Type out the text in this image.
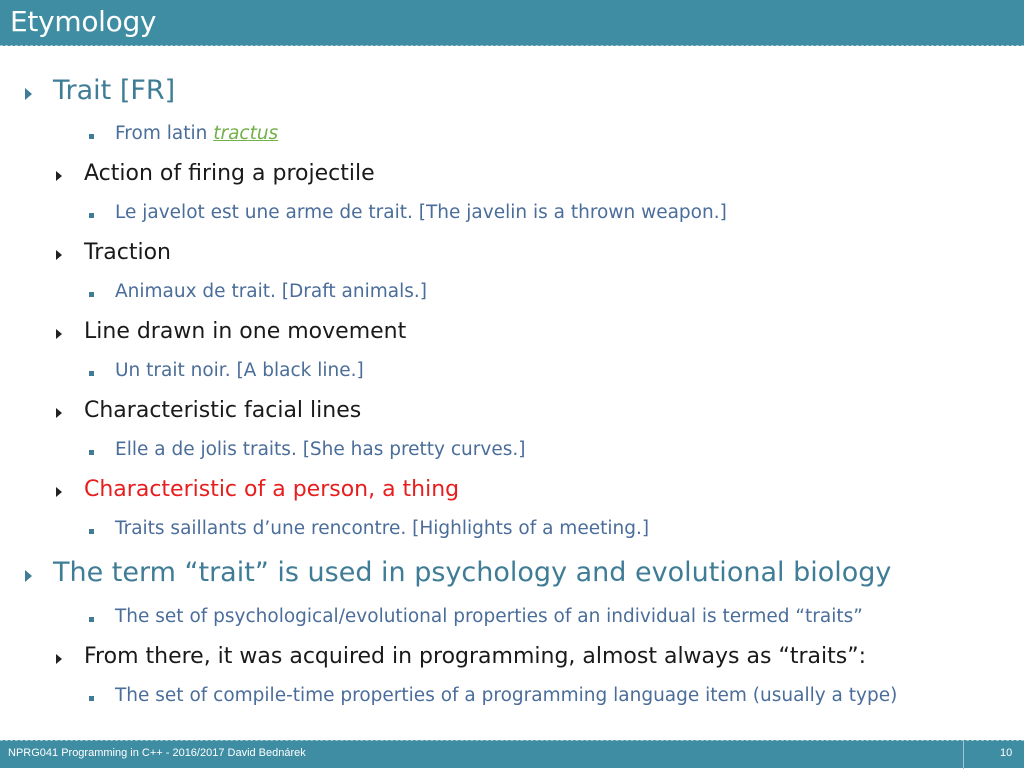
Etymology
Trait [FR]
From latin tractus
Action of firing a projectile
Le javelot est une arme de trait. [The javelin is a thrown weapon.]
Traction
Animaux de trait. [Draft animals.]
Line drawn in one movement
Un trait noir. [A black line.]
Characteristic facial lines
Elle a de jolis traits. [She has pretty curves.]
Characteristic of a person, a thing
Traits saillants d’une rencontre. [Highlights of a meeting.]
The term “trait” is used in psychology and evolutional biology
The set of psychological/evolutional properties of an individual is termed “traits”
From there, it was acquired in programming, almost always as “traits”:
The set of compile-time properties of a programming language item (usually a type)
NPRG041 Programming in C++ - 2016/2017 David Bednárek	10
